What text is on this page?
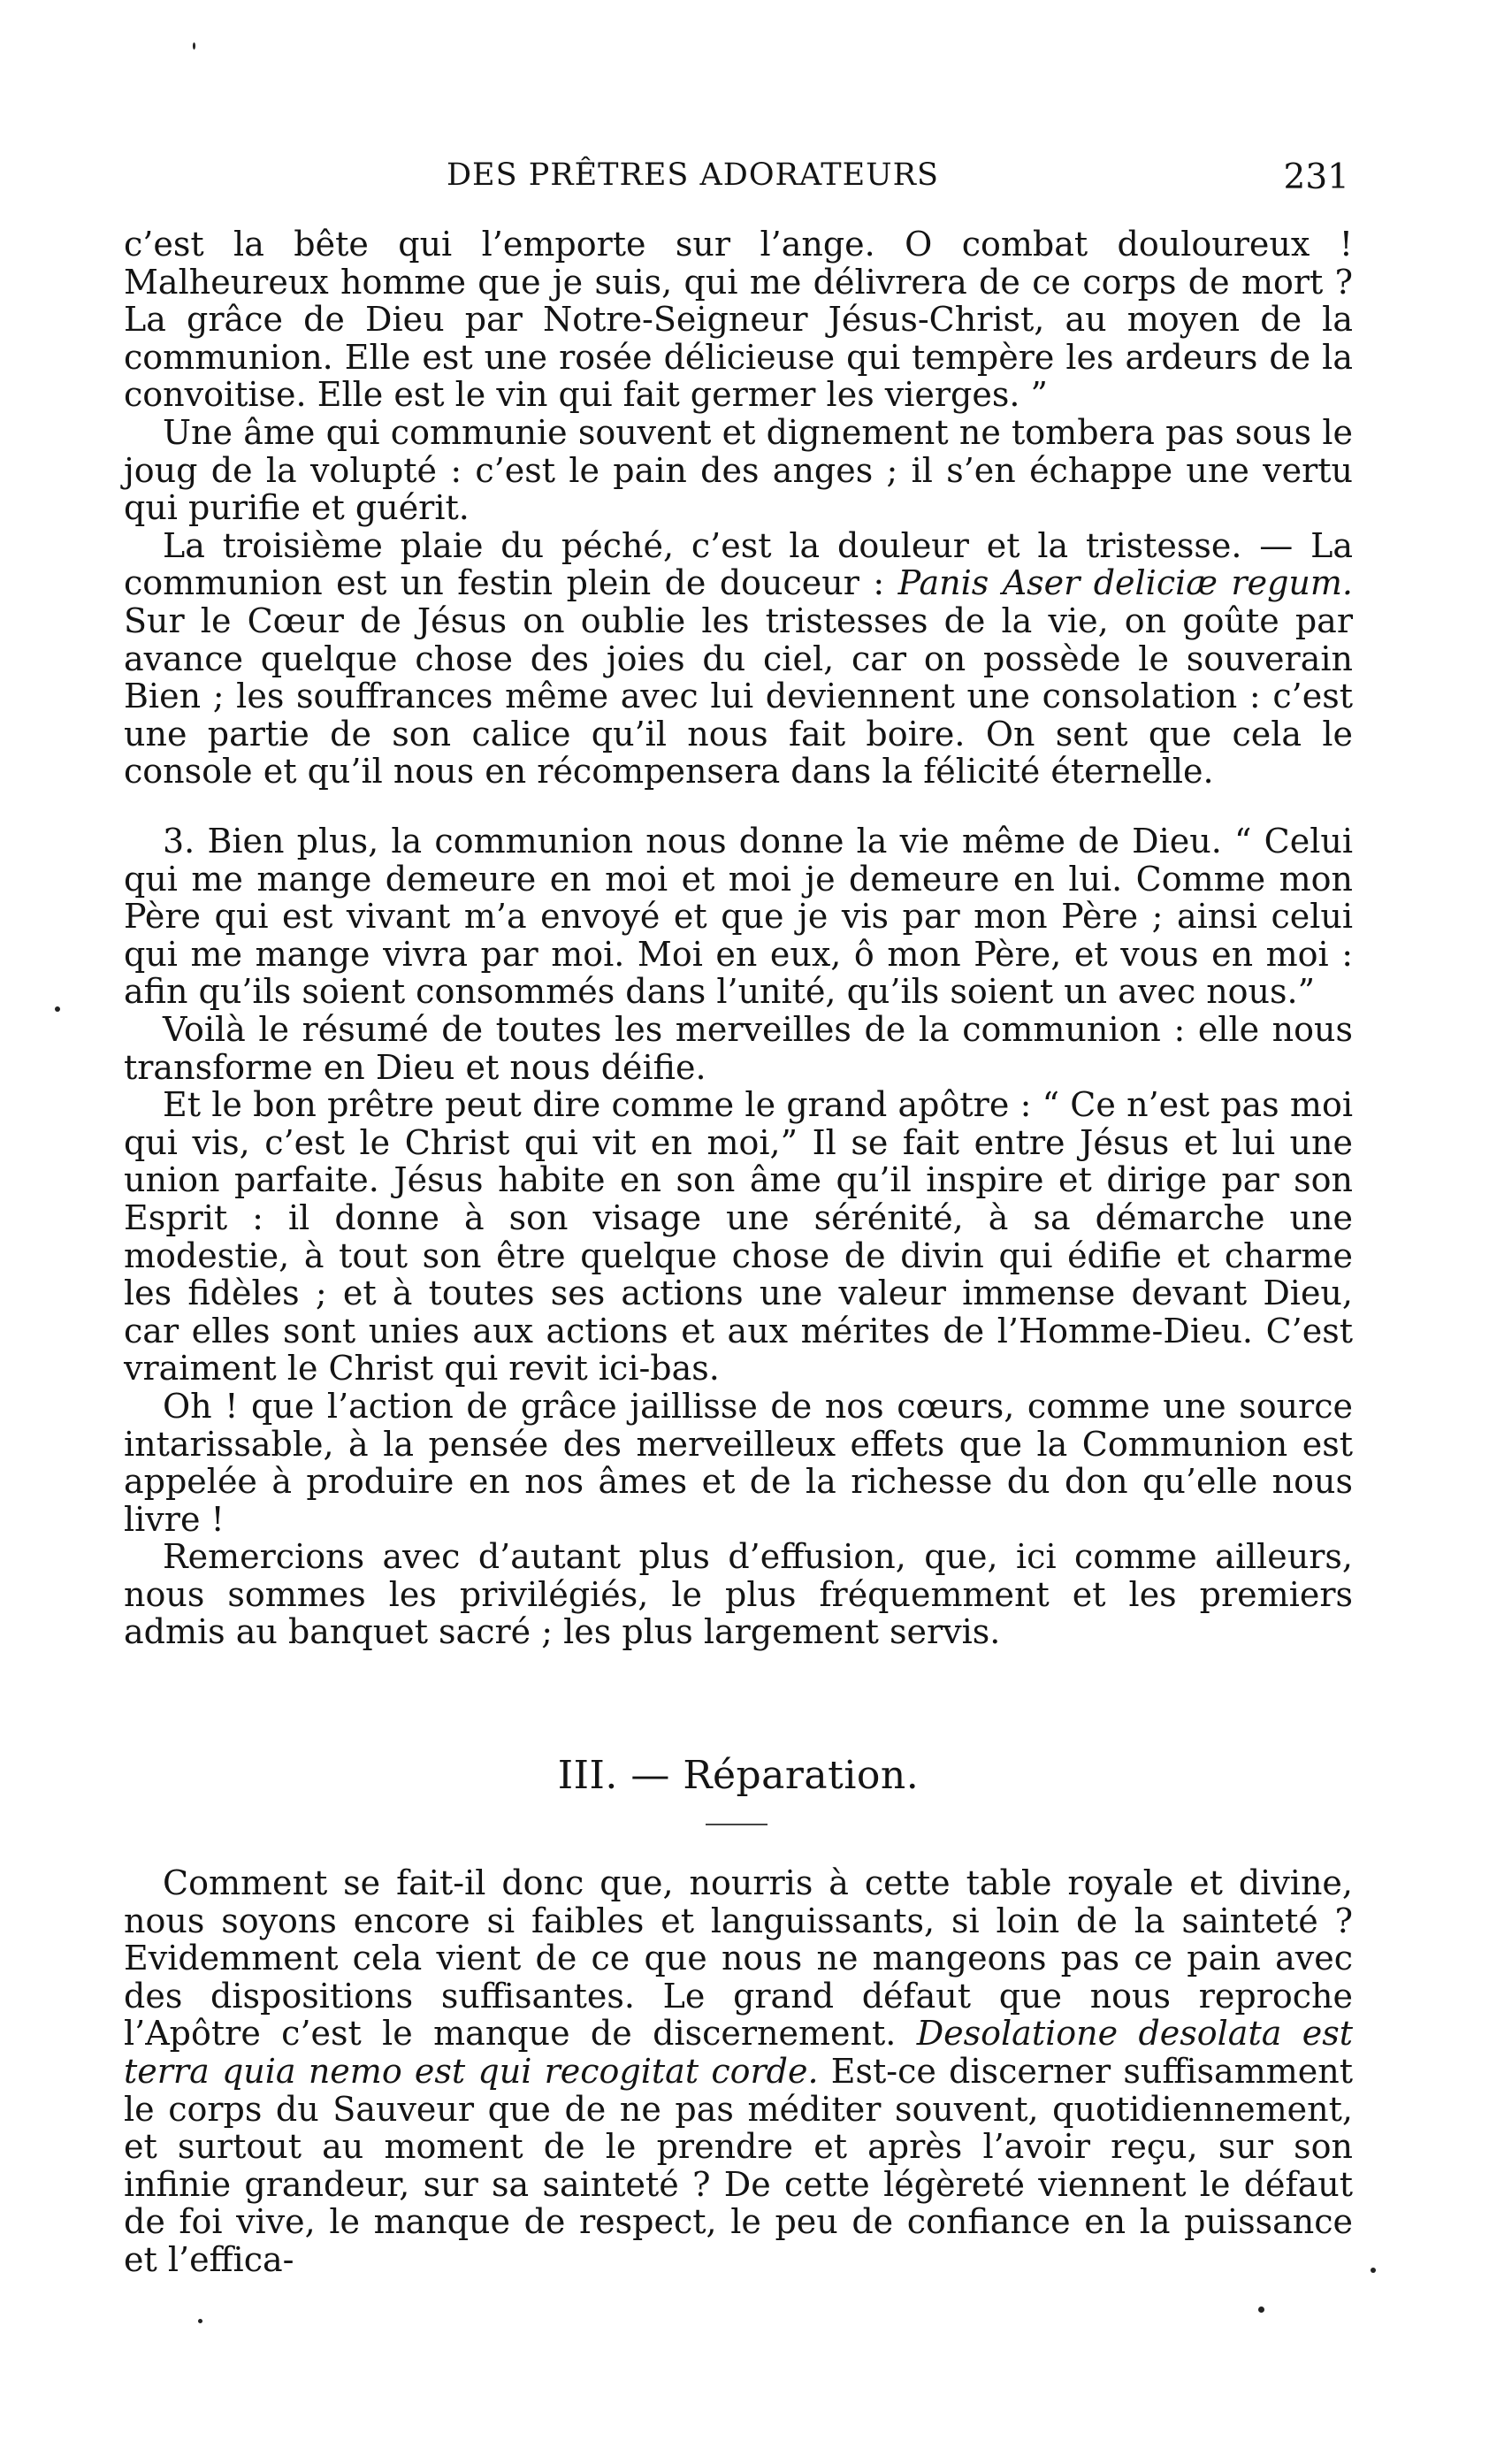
DES PRÊTRES ADORATEURS	231

c’est la bête qui l’emporte sur l’ange. O combat douloureux ! Malheureux homme que je suis, qui me délivrera de ce corps de mort ? La grâce de Dieu par Notre-Seigneur Jésus-Christ, au moyen de la communion. Elle est une rosée délicieuse qui tempère les ardeurs de la convoitise. Elle est le vin qui fait germer les vierges. ”

Une âme qui communie souvent et dignement ne tombera pas sous le joug de la volupté : c’est le pain des anges ; il s’en échappe une vertu qui purifie et guérit.

La troisième plaie du péché, c’est la douleur et la tristesse. — La communion est un festin plein de douceur : Panis Aser deliciæ regum. Sur le Cœur de Jésus on oublie les tristesses de la vie, on goûte par avance quelque chose des joies du ciel, car on possède le souverain Bien ; les souffrances même avec lui deviennent une consolation : c’est une partie de son calice qu’il nous fait boire. On sent que cela le console et qu’il nous en récompensera dans la félicité éternelle.

3. Bien plus, la communion nous donne la vie même de Dieu. “ Celui qui me mange demeure en moi et moi je demeure en lui. Comme mon Père qui est vivant m’a envoyé et que je vis par mon Père ; ainsi celui qui me mange vivra par moi. Moi en eux, ô mon Père, et vous en moi : afin qu’ils soient consommés dans l’unité, qu’ils soient un avec nous.”

Voilà le résumé de toutes les merveilles de la communion : elle nous transforme en Dieu et nous déifie.

Et le bon prêtre peut dire comme le grand apôtre : “ Ce n’est pas moi qui vis, c’est le Christ qui vit en moi,” Il se fait entre Jésus et lui une union parfaite. Jésus habite en son âme qu’il inspire et dirige par son Esprit : il donne à son visage une sérénité, à sa démarche une modestie, à tout son être quelque chose de divin qui édifie et charme les fidèles ; et à toutes ses actions une valeur immense devant Dieu, car elles sont unies aux actions et aux mérites de l’Homme-Dieu. C’est vraiment le Christ qui revit ici-bas.

Oh ! que l’action de grâce jaillisse de nos cœurs, comme une source intarissable, à la pensée des merveilleux effets que la Communion est appelée à produire en nos âmes et de la richesse du don qu’elle nous livre !

Remercions avec d’autant plus d’effusion, que, ici comme ailleurs, nous sommes les privilégiés, le plus fréquemment et les premiers admis au banquet sacré ; les plus largement servis.

III. — Réparation.

Comment se fait-il donc que, nourris à cette table royale et divine, nous soyons encore si faibles et languissants, si loin de la sainteté ? Evidemment cela vient de ce que nous ne mangeons pas ce pain avec des dispositions suffisantes. Le grand défaut que nous reproche l’Apôtre c’est le manque de discernement. Desolatione desolata est terra quia nemo est qui recogitat corde. Est-ce discerner suffisamment le corps du Sauveur que de ne pas méditer souvent, quotidiennement, et surtout au moment de le prendre et après l’avoir reçu, sur son infinie grandeur, sur sa sainteté ? De cette légèreté viennent le défaut de foi vive, le manque de respect, le peu de confiance en la puissance et l’effica-
